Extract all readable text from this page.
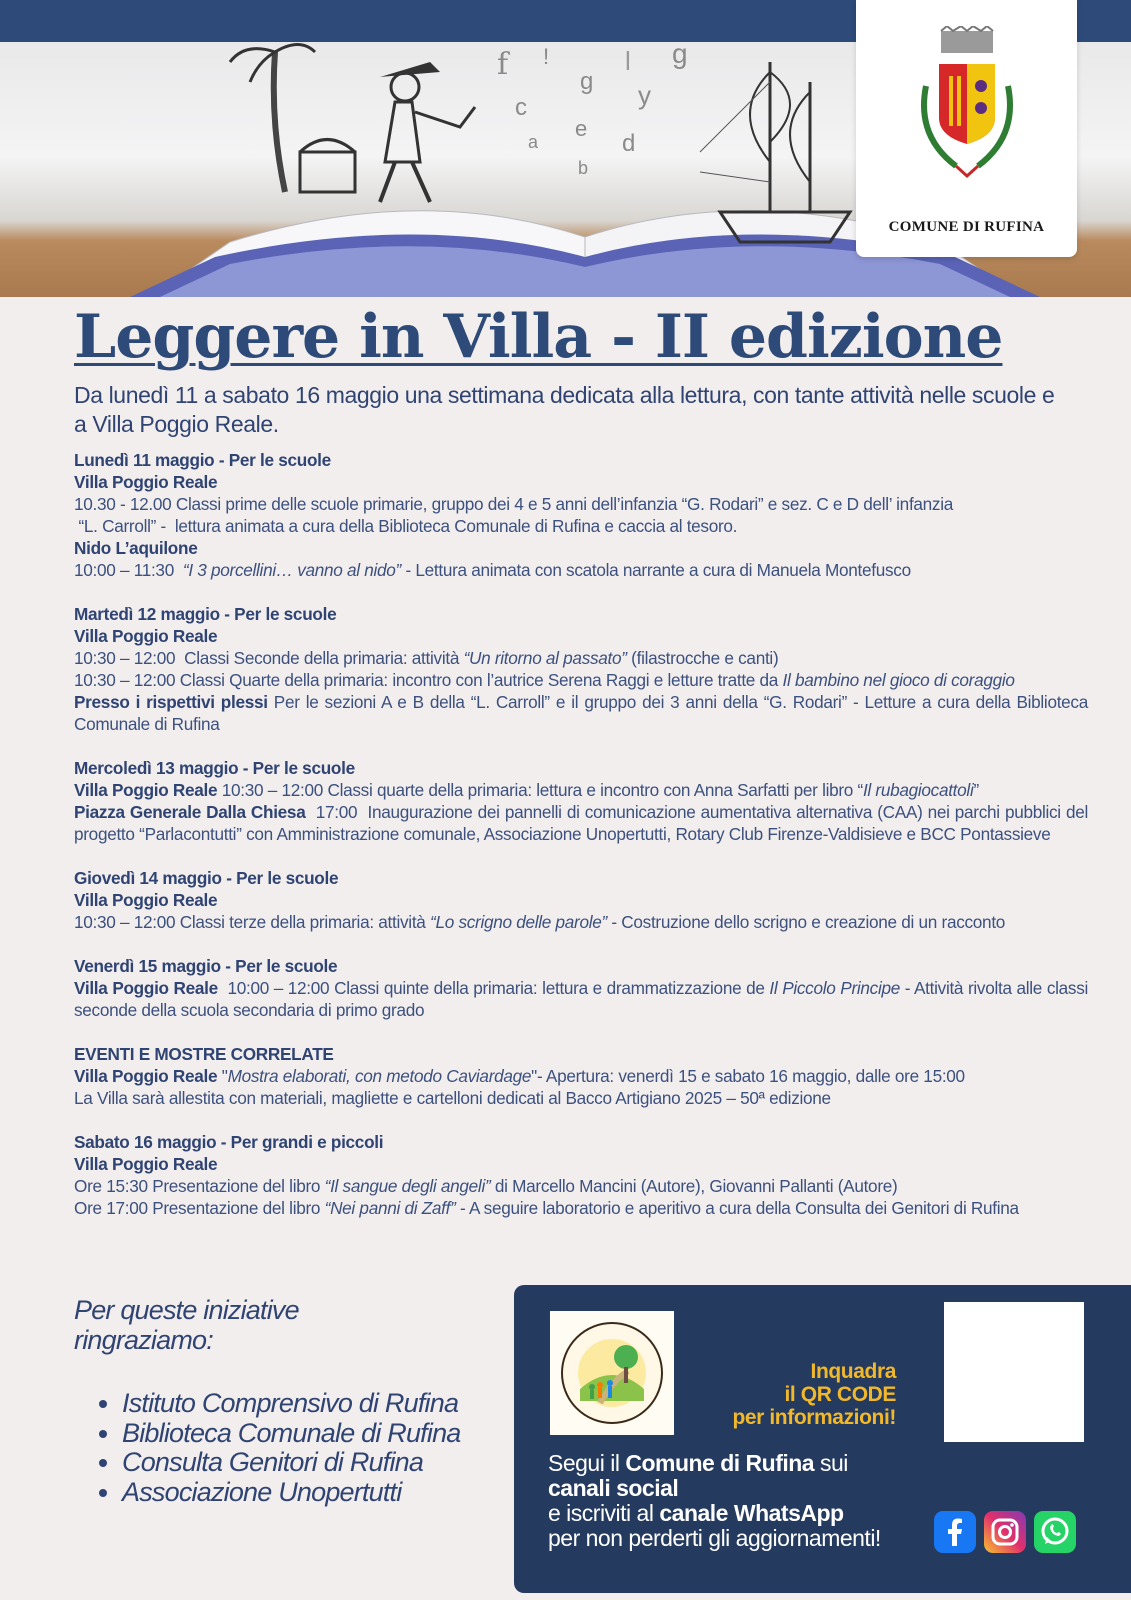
f !	l g
g y
c
e
a	d
b
COMUNE DI RUFINA
Leggere in Villa - II edizione

Da lunedì 11 a sabato 16 maggio una settimana dedicata alla lettura, con tante attività nelle scuole e a Villa Poggio Reale.

Lunedì 11 maggio - Per le scuole

Villa Poggio Reale

10.30 - 12.00 Classi prime delle scuole primarie, gruppo dei 4 e 5 anni dell’infanzia “G. Rodari” e sez. C e D dell’ infanzia

“L. Carroll” -  lettura animata a cura della Biblioteca Comunale di Rufina e caccia al tesoro.

Nido L’aquilone

10:00 – 11:30  “I 3 porcellini… vanno al nido” - Lettura animata con scatola narrante a cura di Manuela Montefusco

Martedì 12 maggio - Per le scuole

Villa Poggio Reale

10:30 – 12:00  Classi Seconde della primaria: attività “Un ritorno al passato” (filastrocche e canti)

10:30 – 12:00 Classi Quarte della primaria: incontro con l’autrice Serena Raggi e letture tratte da Il bambino nel gioco di coraggio

Presso i rispettivi plessi Per le sezioni A e B della “L. Carroll” e il gruppo dei 3 anni della “G. Rodari” - Letture a cura della Biblioteca Comunale di Rufina

Mercoledì 13 maggio - Per le scuole

Villa Poggio Reale 10:30 – 12:00 Classi quarte della primaria: lettura e incontro con Anna Sarfatti per libro “Il rubagiocattoli”

Piazza Generale Dalla Chiesa  17:00  Inaugurazione dei pannelli di comunicazione aumentativa alternativa (CAA) nei parchi pubblici del progetto “Parlacontutti” con Amministrazione comunale, Associazione Unopertutti, Rotary Club Firenze-Valdisieve e BCC Pontassieve

Giovedì 14 maggio - Per le scuole

Villa Poggio Reale

10:30 – 12:00 Classi terze della primaria: attività “Lo scrigno delle parole” - Costruzione dello scrigno e creazione di un racconto

Venerdì 15 maggio - Per le scuole

Villa Poggio Reale  10:00 – 12:00 Classi quinte della primaria: lettura e drammatizzazione de Il Piccolo Principe - Attività rivolta alle classi seconde della scuola secondaria di primo grado

EVENTI E MOSTRE CORRELATE

Villa Poggio Reale "Mostra elaborati, con metodo Caviardage"- Apertura: venerdì 15 e sabato 16 maggio, dalle ore 15:00

La Villa sarà allestita con materiali, magliette e cartelloni dedicati al Bacco Artigiano 2025 – 50ª edizione

Sabato 16 maggio - Per grandi e piccoli

Villa Poggio Reale

Ore 15:30 Presentazione del libro “Il sangue degli angeli” di Marcello Mancini (Autore), Giovanni Pallanti (Autore)

Ore 17:00 Presentazione del libro “Nei panni di Zaff” - A seguire laboratorio e aperitivo a cura della Consulta dei Genitori di Rufina

Per queste iniziative
ringraziamo:
• Istituto Comprensivo di Rufina
• Biblioteca Comunale di Rufina
• Consulta Genitori di Rufina
• Associazione Unopertutti
Inquadra
il QR CODE
per informazioni!
Segui il Comune di Rufina sui
canali social
e iscriviti al canale WhatsApp
per non perderti gli aggiornamenti!
